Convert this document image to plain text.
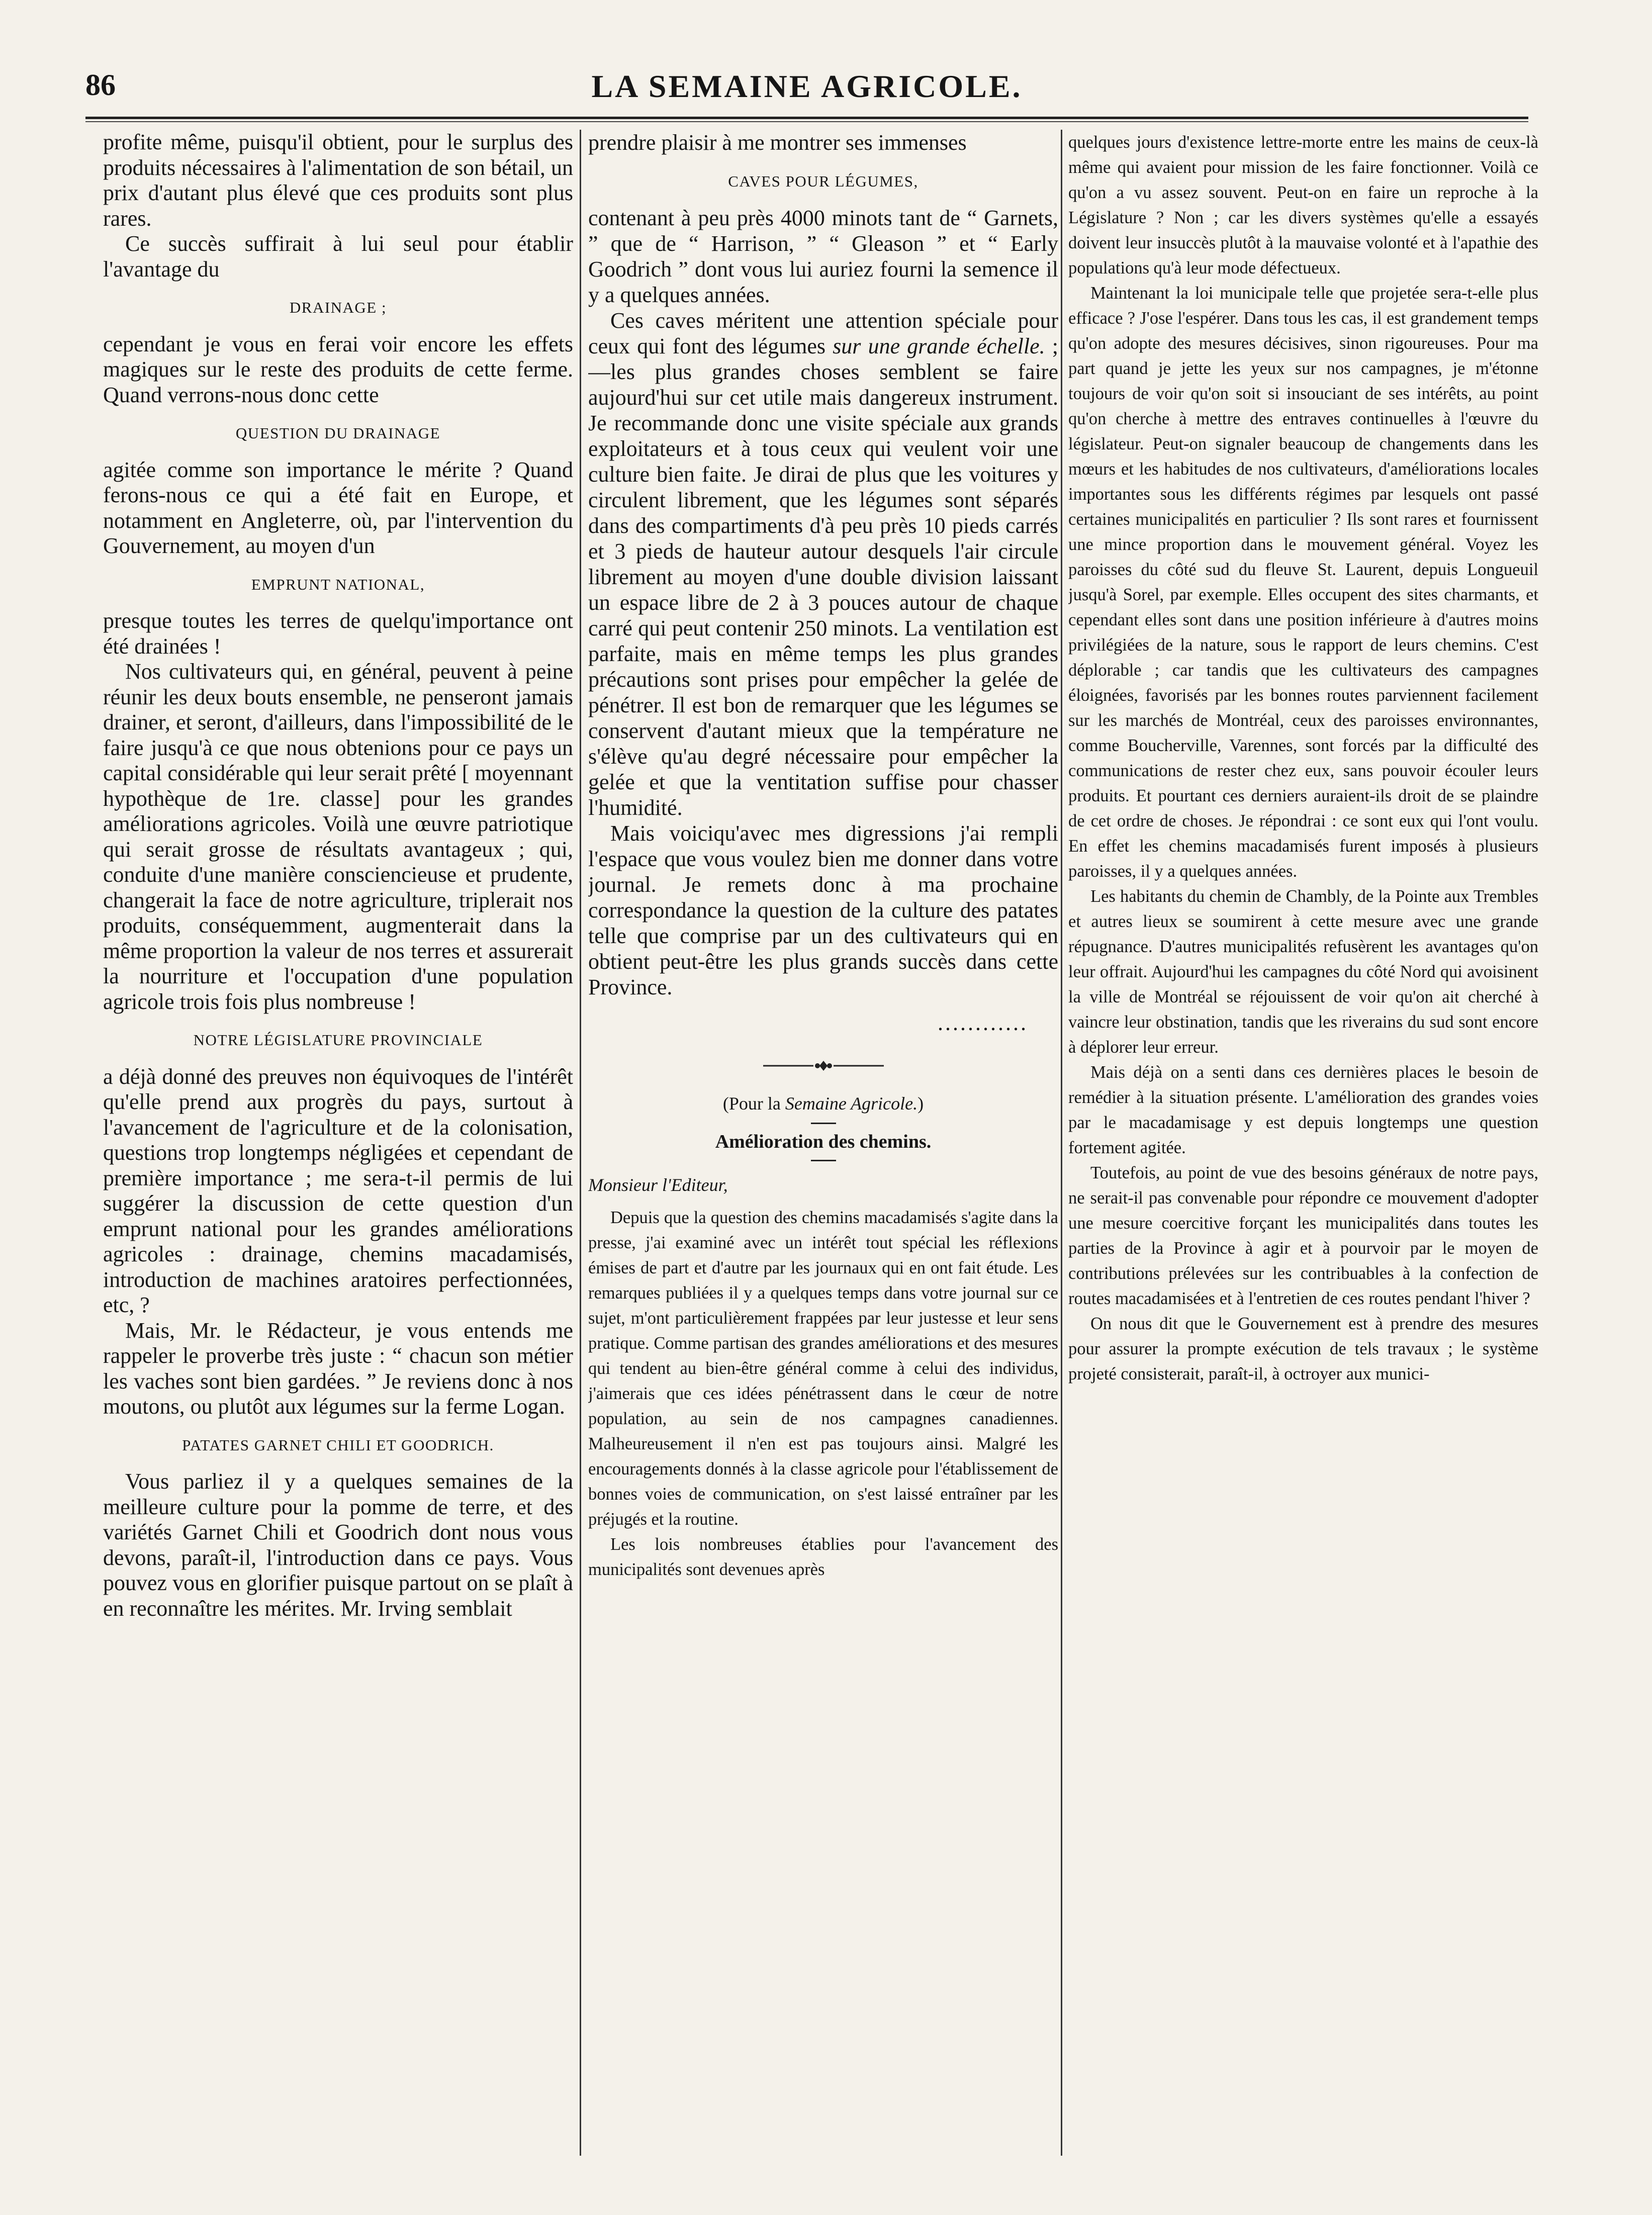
86	LA SEMAINE AGRICOLE.

profite même, puisqu'il obtient, pour le surplus des produits nécessaires à l'alimentation de son bétail, un prix d'autant plus élevé que ces produits sont plus rares.

Ce succès suffirait à lui seul pour établir l'avantage du

DRAINAGE ;

cependant je vous en ferai voir encore les effets magiques sur le reste des produits de cette ferme. Quand verrons-nous donc cette

QUESTION DU DRAINAGE

agitée comme son importance le mérite ? Quand ferons-nous ce qui a été fait en Europe, et notamment en Angleterre, où, par l'intervention du Gouvernement, au moyen d'un

EMPRUNT NATIONAL,

presque toutes les terres de quelqu'importance ont été drainées !

Nos cultivateurs qui, en général, peuvent à peine réunir les deux bouts ensemble, ne penseront jamais drainer, et seront, d'ailleurs, dans l'impossibilité de le faire jusqu'à ce que nous obtenions pour ce pays un capital considérable qui leur serait prêté [ moyennant hypothèque de 1re. classe] pour les grandes améliorations agricoles. Voilà une œuvre patriotique qui serait grosse de résultats avantageux ; qui, conduite d'une manière consciencieuse et prudente, changerait la face de notre agriculture, triplerait nos produits, conséquemment, augmenterait dans la même proportion la valeur de nos terres et assurerait la nourriture et l'occupation d'une population agricole trois fois plus nombreuse !

NOTRE LÉGISLATURE PROVINCIALE

a déjà donné des preuves non équivoques de l'intérêt qu'elle prend aux progrès du pays, surtout à l'avancement de l'agriculture et de la colonisation, questions trop longtemps négligées et cependant de première importance ; me sera-t-il permis de lui suggérer la discussion de cette question d'un emprunt national pour les grandes améliorations agricoles : drainage, chemins macadamisés, introduction de machines aratoires perfectionnées, etc, ?

Mais, Mr. le Rédacteur, je vous entends me rappeler le proverbe très juste : “ chacun son métier les vaches sont bien gardées. ” Je reviens donc à nos moutons, ou plutôt aux légumes sur la ferme Logan.

PATATES GARNET CHILI ET GOODRICH.

Vous parliez il y a quelques semaines de la meilleure culture pour la pomme de terre, et des variétés Garnet Chili et Goodrich dont nous vous devons, paraît-il, l'introduction dans ce pays. Vous pouvez vous en glorifier puisque partout on se plaît à en reconnaître les mérites. Mr. Irving semblait

prendre plaisir à me montrer ses immenses

CAVES POUR LÉGUMES,

contenant à peu près 4000 minots tant de “ Garnets, ” que de “ Harrison, ” “ Gleason ” et “ Early Goodrich ” dont vous lui auriez fourni la semence il y a quelques années.

Ces caves méritent une attention spéciale pour ceux qui font des légumes sur une grande échelle. ;—les plus grandes choses semblent se faire aujourd'hui sur cet utile mais dangereux instrument. Je recommande donc une visite spéciale aux grands exploitateurs et à tous ceux qui veulent voir une culture bien faite. Je dirai de plus que les voitures y circulent librement, que les légumes sont séparés dans des compartiments d'à peu près 10 pieds carrés et 3 pieds de hauteur autour desquels l'air circule librement au moyen d'une double division laissant un espace libre de 2 à 3 pouces autour de chaque carré qui peut contenir 250 minots. La ventilation est parfaite, mais en même temps les plus grandes précautions sont prises pour empêcher la gelée de pénétrer. Il est bon de remarquer que les légumes se conservent d'autant mieux que la température ne s'élève qu'au degré nécessaire pour empêcher la gelée et que la ventitation suffise pour chasser l'humidité.

Mais voiciqu'avec mes digressions j'ai rempli l'espace que vous voulez bien me donner dans votre journal. Je remets donc à ma prochaine correspondance la question de la culture des patates telle que comprise par un des cultivateurs qui en obtient peut-être les plus grands succès dans cette Province.

............
(Pour la Semaine Agricole.)
Amélioration des chemins.
Monsieur l'Editeur,

Depuis que la question des chemins macadamisés s'agite dans la presse, j'ai examiné avec un intérêt tout spécial les réflexions émises de part et d'autre par les journaux qui en ont fait étude. Les remarques publiées il y a quelques temps dans votre journal sur ce sujet, m'ont particulièrement frappées par leur justesse et leur sens pratique. Comme partisan des grandes améliorations et des mesures qui tendent au bien-être général comme à celui des individus, j'aimerais que ces idées pénétrassent dans le cœur de notre population, au sein de nos campagnes canadiennes. Malheureusement il n'en est pas toujours ainsi. Malgré les encouragements donnés à la classe agricole pour l'établissement de bonnes voies de communication, on s'est laissé entraîner par les préjugés et la routine.

Les lois nombreuses établies pour l'avancement des municipalités sont devenues après

quelques jours d'existence lettre-morte entre les mains de ceux-là même qui avaient pour mission de les faire fonctionner. Voilà ce qu'on a vu assez souvent. Peut-on en faire un reproche à la Législature ? Non ; car les divers systèmes qu'elle a essayés doivent leur insuccès plutôt à la mauvaise volonté et à l'apathie des populations qu'à leur mode défectueux.

Maintenant la loi municipale telle que projetée sera-t-elle plus efficace ? J'ose l'espérer. Dans tous les cas, il est grandement temps qu'on adopte des mesures décisives, sinon rigoureuses. Pour ma part quand je jette les yeux sur nos campagnes, je m'étonne toujours de voir qu'on soit si insouciant de ses intérêts, au point qu'on cherche à mettre des entraves continuelles à l'œuvre du législateur. Peut-on signaler beaucoup de changements dans les mœurs et les habitudes de nos cultivateurs, d'améliorations locales importantes sous les différents régimes par lesquels ont passé certaines municipalités en particulier ? Ils sont rares et fournissent une mince proportion dans le mouvement général. Voyez les paroisses du côté sud du fleuve St. Laurent, depuis Longueuil jusqu'à Sorel, par exemple. Elles occupent des sites charmants, et cependant elles sont dans une position inférieure à d'autres moins privilégiées de la nature, sous le rapport de leurs chemins. C'est déplorable ; car tandis que les cultivateurs des campagnes éloignées, favorisés par les bonnes routes parviennent facilement sur les marchés de Montréal, ceux des paroisses environnantes, comme Boucherville, Varennes, sont forcés par la difficulté des communications de rester chez eux, sans pouvoir écouler leurs produits. Et pourtant ces derniers auraient-ils droit de se plaindre de cet ordre de choses. Je répondrai : ce sont eux qui l'ont voulu. En effet les chemins macadamisés furent imposés à plusieurs paroisses, il y a quelques années.

Les habitants du chemin de Chambly, de la Pointe aux Trembles et autres lieux se soumirent à cette mesure avec une grande répugnance. D'autres municipalités refusèrent les avantages qu'on leur offrait. Aujourd'hui les campagnes du côté Nord qui avoisinent la ville de Montréal se réjouissent de voir qu'on ait cherché à vaincre leur obstination, tandis que les riverains du sud sont encore à déplorer leur erreur.

Mais déjà on a senti dans ces dernières places le besoin de remédier à la situation présente. L'amélioration des grandes voies par le macadamisage y est depuis longtemps une question fortement agitée.

Toutefois, au point de vue des besoins généraux de notre pays, ne serait-il pas convenable pour répondre ce mouvement d'adopter une mesure coercitive forçant les municipalités dans toutes les parties de la Province à agir et à pourvoir par le moyen de contributions prélevées sur les contribuables à la confection de routes macadamisées et à l'entretien de ces routes pendant l'hiver ?

On nous dit que le Gouvernement est à prendre des mesures pour assurer la prompte exécution de tels travaux ; le système projeté consisterait, paraît-il, à octroyer aux munici-
